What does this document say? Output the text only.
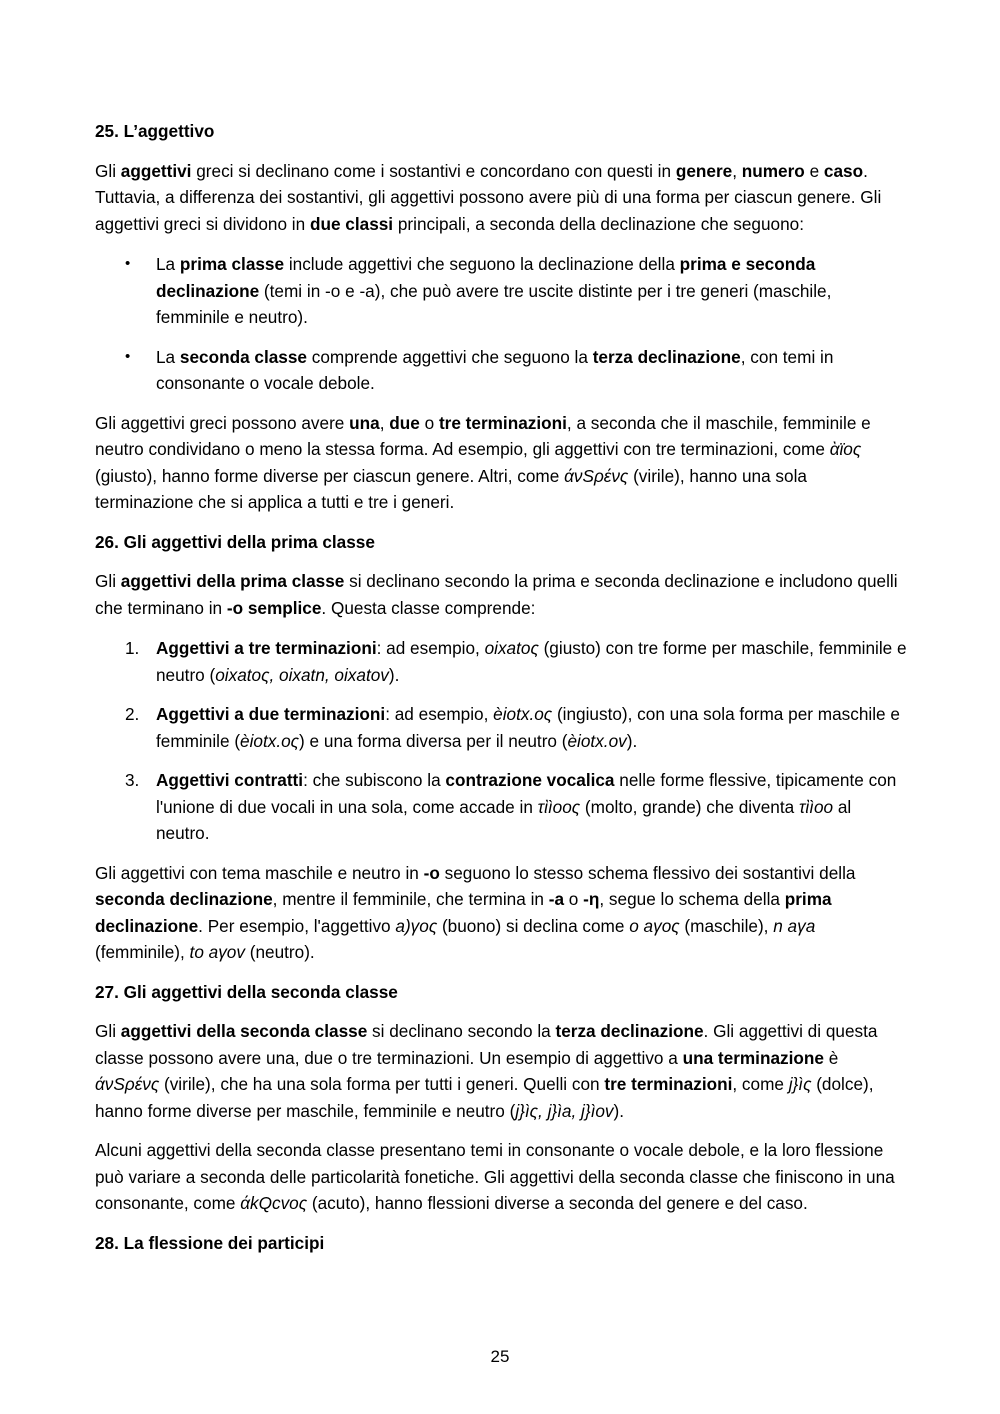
25. L’aggettivo

Gli aggettivi greci si declinano come i sostantivi e concordano con questi in genere, numero e caso. Tuttavia, a differenza dei sostantivi, gli aggettivi possono avere più di una forma per ciascun genere. Gli aggettivi greci si dividono in due classi principali, a seconda della declinazione che seguono:

• La prima classe include aggettivi che seguono la declinazione della prima e seconda declinazione (temi in -o e -a), che può avere tre uscite distinte per i tre generi (maschile, femminile e neutro).
• La seconda classe comprende aggettivi che seguono la terza declinazione, con temi in consonante o vocale debole.

Gli aggettivi greci possono avere una, due o tre terminazioni, a seconda che il maschile, femminile e neutro condividano o meno la stessa forma. Ad esempio, gli aggettivi con tre terminazioni, come ὰϊος (giusto), hanno forme diverse per ciascun genere. Altri, come άνSρένς (virile), hanno una sola terminazione che si applica a tutti e tre i generi.

26. Gli aggettivi della prima classe

Gli aggettivi della prima classe si declinano secondo la prima e seconda declinazione e includono quelli che terminano in -o semplice. Questa classe comprende:

1. Aggettivi a tre terminazioni: ad esempio, oixatoς (giusto) con tre forme per maschile, femminile e neutro (oixatoς, oixatn, oixatov).
2. Aggettivi a due terminazioni: ad esempio, èiotx.oς (ingiusto), con una sola forma per maschile e femminile (èiotx.oς) e una forma diversa per il neutro (èiotx.ov).
3. Aggettivi contratti: che subiscono la contrazione vocalica nelle forme flessive, tipicamente con l'unione di due vocali in una sola, come accade in τὶìooς (molto, grande) che diventa τὶìoo al neutro.

Gli aggettivi con tema maschile e neutro in -o seguono lo stesso schema flessivo dei sostantivi della seconda declinazione, mentre il femminile, che termina in -a o -η, segue lo schema della prima declinazione. Per esempio, l'aggettivo a)γoς (buono) si declina come o aγoς (maschile), n aγa (femminile), to aγov (neutro).

27. Gli aggettivi della seconda classe

Gli aggettivi della seconda classe si declinano secondo la terza declinazione. Gli aggettivi di questa classe possono avere una, due o tre terminazioni. Un esempio di aggettivo a una terminazione è άνSρένς (virile), che ha una sola forma per tutti i generi. Quelli con tre terminazioni, come j}ìς (dolce), hanno forme diverse per maschile, femminile e neutro (j}ìς, j}ìa, j}ìov).

Alcuni aggettivi della seconda classe presentano temi in consonante o vocale debole, e la loro flessione può variare a seconda delle particolarità fonetiche. Gli aggettivi della seconda classe che finiscono in una consonante, come άkQcvoς (acuto), hanno flessioni diverse a seconda del genere e del caso.

28. La flessione dei participi
25
